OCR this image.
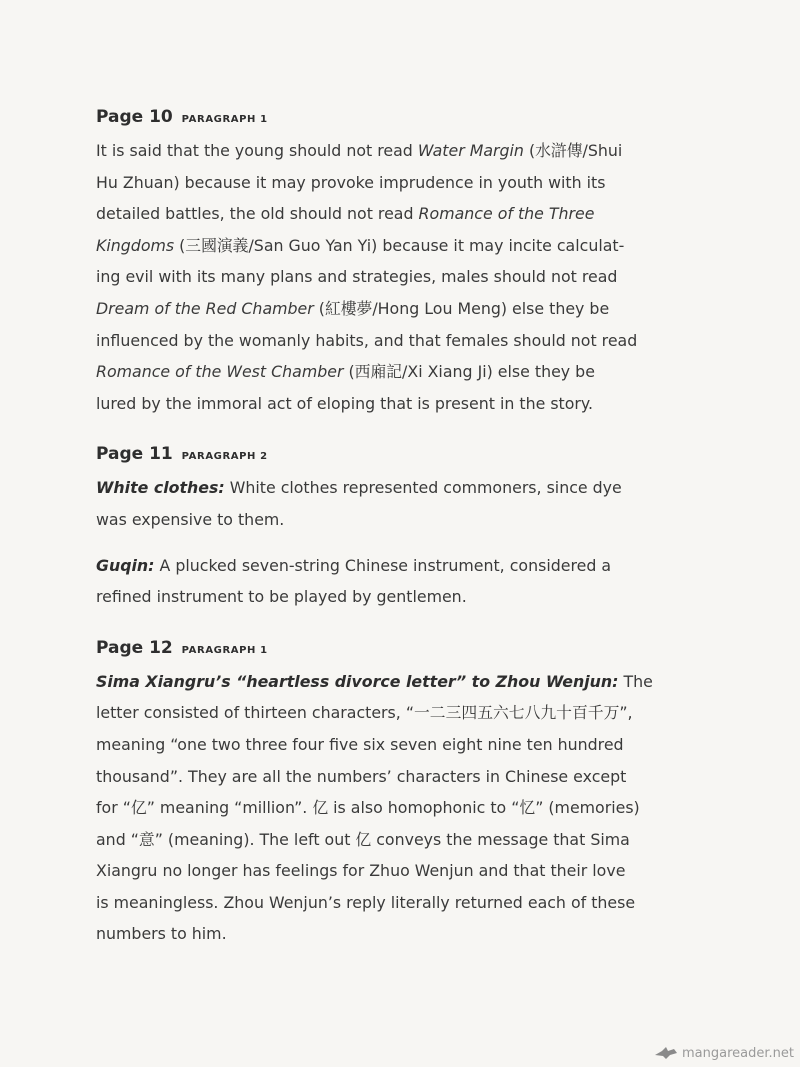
Page 10 PARAGRAPH 1
It is said that the young should not read Water Margin (水滸傳/Shui
Hu Zhuan) because it may provoke imprudence in youth with its
detailed battles, the old should not read Romance of the Three
Kingdoms (三國演義/San Guo Yan Yi) because it may incite calculat-
ing evil with its many plans and strategies, males should not read
Dream of the Red Chamber (紅樓夢/Hong Lou Meng) else they be
influenced by the womanly habits, and that females should not read
Romance of the West Chamber (西廂記/Xi Xiang Ji) else they be
lured by the immoral act of eloping that is present in the story.
Page 11 PARAGRAPH 2
White clothes: White clothes represented commoners, since dye
was expensive to them.
Guqin: A plucked seven-string Chinese instrument, considered a
refined instrument to be played by gentlemen.
Page 12 PARAGRAPH 1
Sima Xiangru’s “heartless divorce letter” to Zhou Wenjun: The
letter consisted of thirteen characters, “一二三四五六七八九十百千万”,
meaning “one two three four five six seven eight nine ten hundred
thousand”. They are all the numbers’ characters in Chinese except
for “亿” meaning “million”. 亿 is also homophonic to “忆” (memories)
and “意” (meaning). The left out 亿 conveys the message that Sima
Xiangru no longer has feelings for Zhuo Wenjun and that their love
is meaningless. Zhou Wenjun’s reply literally returned each of these
numbers to him.
mangareader.net
